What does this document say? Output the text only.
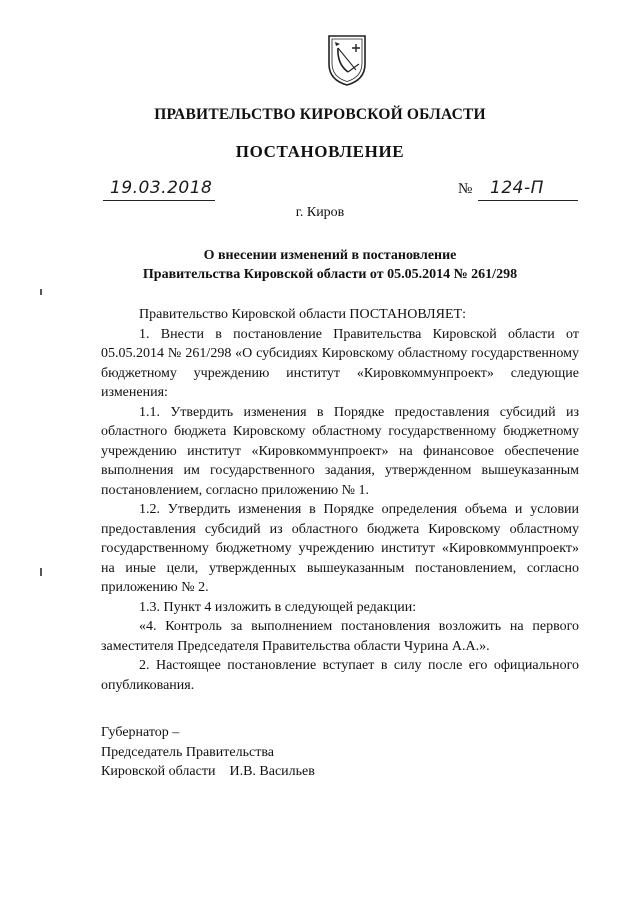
ПРАВИТЕЛЬСТВО КИРОВСКОЙ ОБЛАСТИ
ПОСТАНОВЛЕНИЕ
19.03.2018	№ 124-П
г. Киров
О внесении изменений в постановление
Правительства Кировской области от 05.05.2014 № 261/298

Правительство Кировской области ПОСТАНОВЛЯЕТ:

1. Внести в постановление Правительства Кировской области от 05.05.2014 № 261/298 «О субсидиях Кировскому областному государственному бюджетному учреждению институт «Кировкоммунпроект» следующие изменения:

1.1. Утвердить изменения в Порядке предоставления субсидий из областного бюджета Кировскому областному государственному бюджетному учреждению институт «Кировкоммунпроект» на финансовое обеспечение выполнения им государственного задания, утвержденном вышеуказанным постановлением, согласно приложению № 1.

1.2. Утвердить изменения в Порядке определения объема и условии предоставления субсидий из областного бюджета Кировскому областному государственному бюджетному учреждению институт «Кировкоммунпроект» на иные цели, утвержденных вышеуказанным постановлением, согласно приложению № 2.

1.3. Пункт 4 изложить в следующей редакции:

«4. Контроль за выполнением постановления возложить на первого заместителя Председателя Правительства области Чурина А.А.».

2. Настоящее постановление вступает в силу после его официального опубликования.

Губернатор –
Председатель Правительства
Кировской области    И.В. Васильев
